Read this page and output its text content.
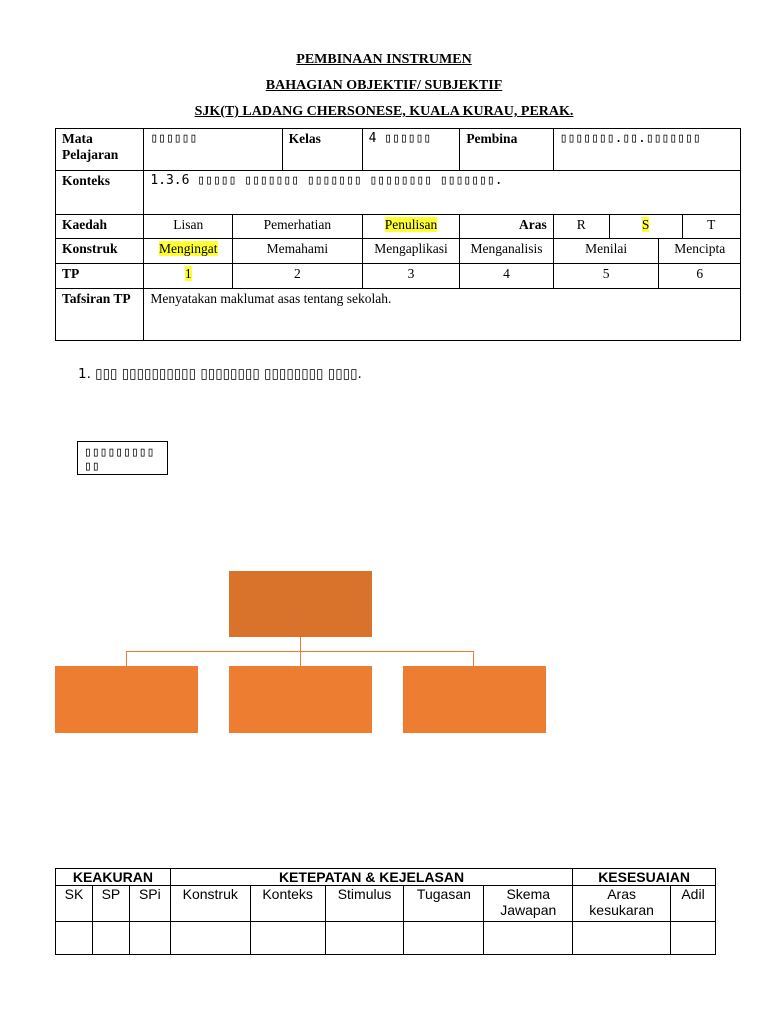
PEMBINAAN INSTRUMEN
BAHAGIAN OBJEKTIF/ SUBJEKTIF
SJK(T) LADANG CHERSONESE, KUALA KURAU, PERAK.
Mata Pelajaran	▯▯▯▯▯▯		Kelas	4 ▯▯▯▯▯▯	Pembina	▯▯▯▯▯▯▯.▯▯.▯▯▯▯▯▯▯			
Konteks	1.3.6 ▯▯▯▯▯ ▯▯▯▯▯▯▯ ▯▯▯▯▯▯▯ ▯▯▯▯▯▯▯▯ ▯▯▯▯▯▯▯.								
Kaedah	Lisan	Pemerhatian		Penulisan	Aras	R	S		T
Konstruk	Mengingat	Memahami		Mengaplikasi	Menganalisis	Menilai		Mencipta	
TP	1	2		3	4	5		6	
Tafsiran TP	Menyatakan maklumat asas tentang sekolah.								
1. ▯▯▯ ▯▯▯▯▯▯▯▯▯▯ ▯▯▯▯▯▯▯▯ ▯▯▯▯▯▯▯▯ ▯▯▯▯.
▯▯▯▯▯▯▯▯▯▯▯
KEAKURAN			KETEPATAN & KEJELASAN					KESESUAIAN	
SK	SP	SPi	Konstruk	Konteks	Stimulus	Tugasan	Skema Jawapan	Aras kesukaran	Adil
